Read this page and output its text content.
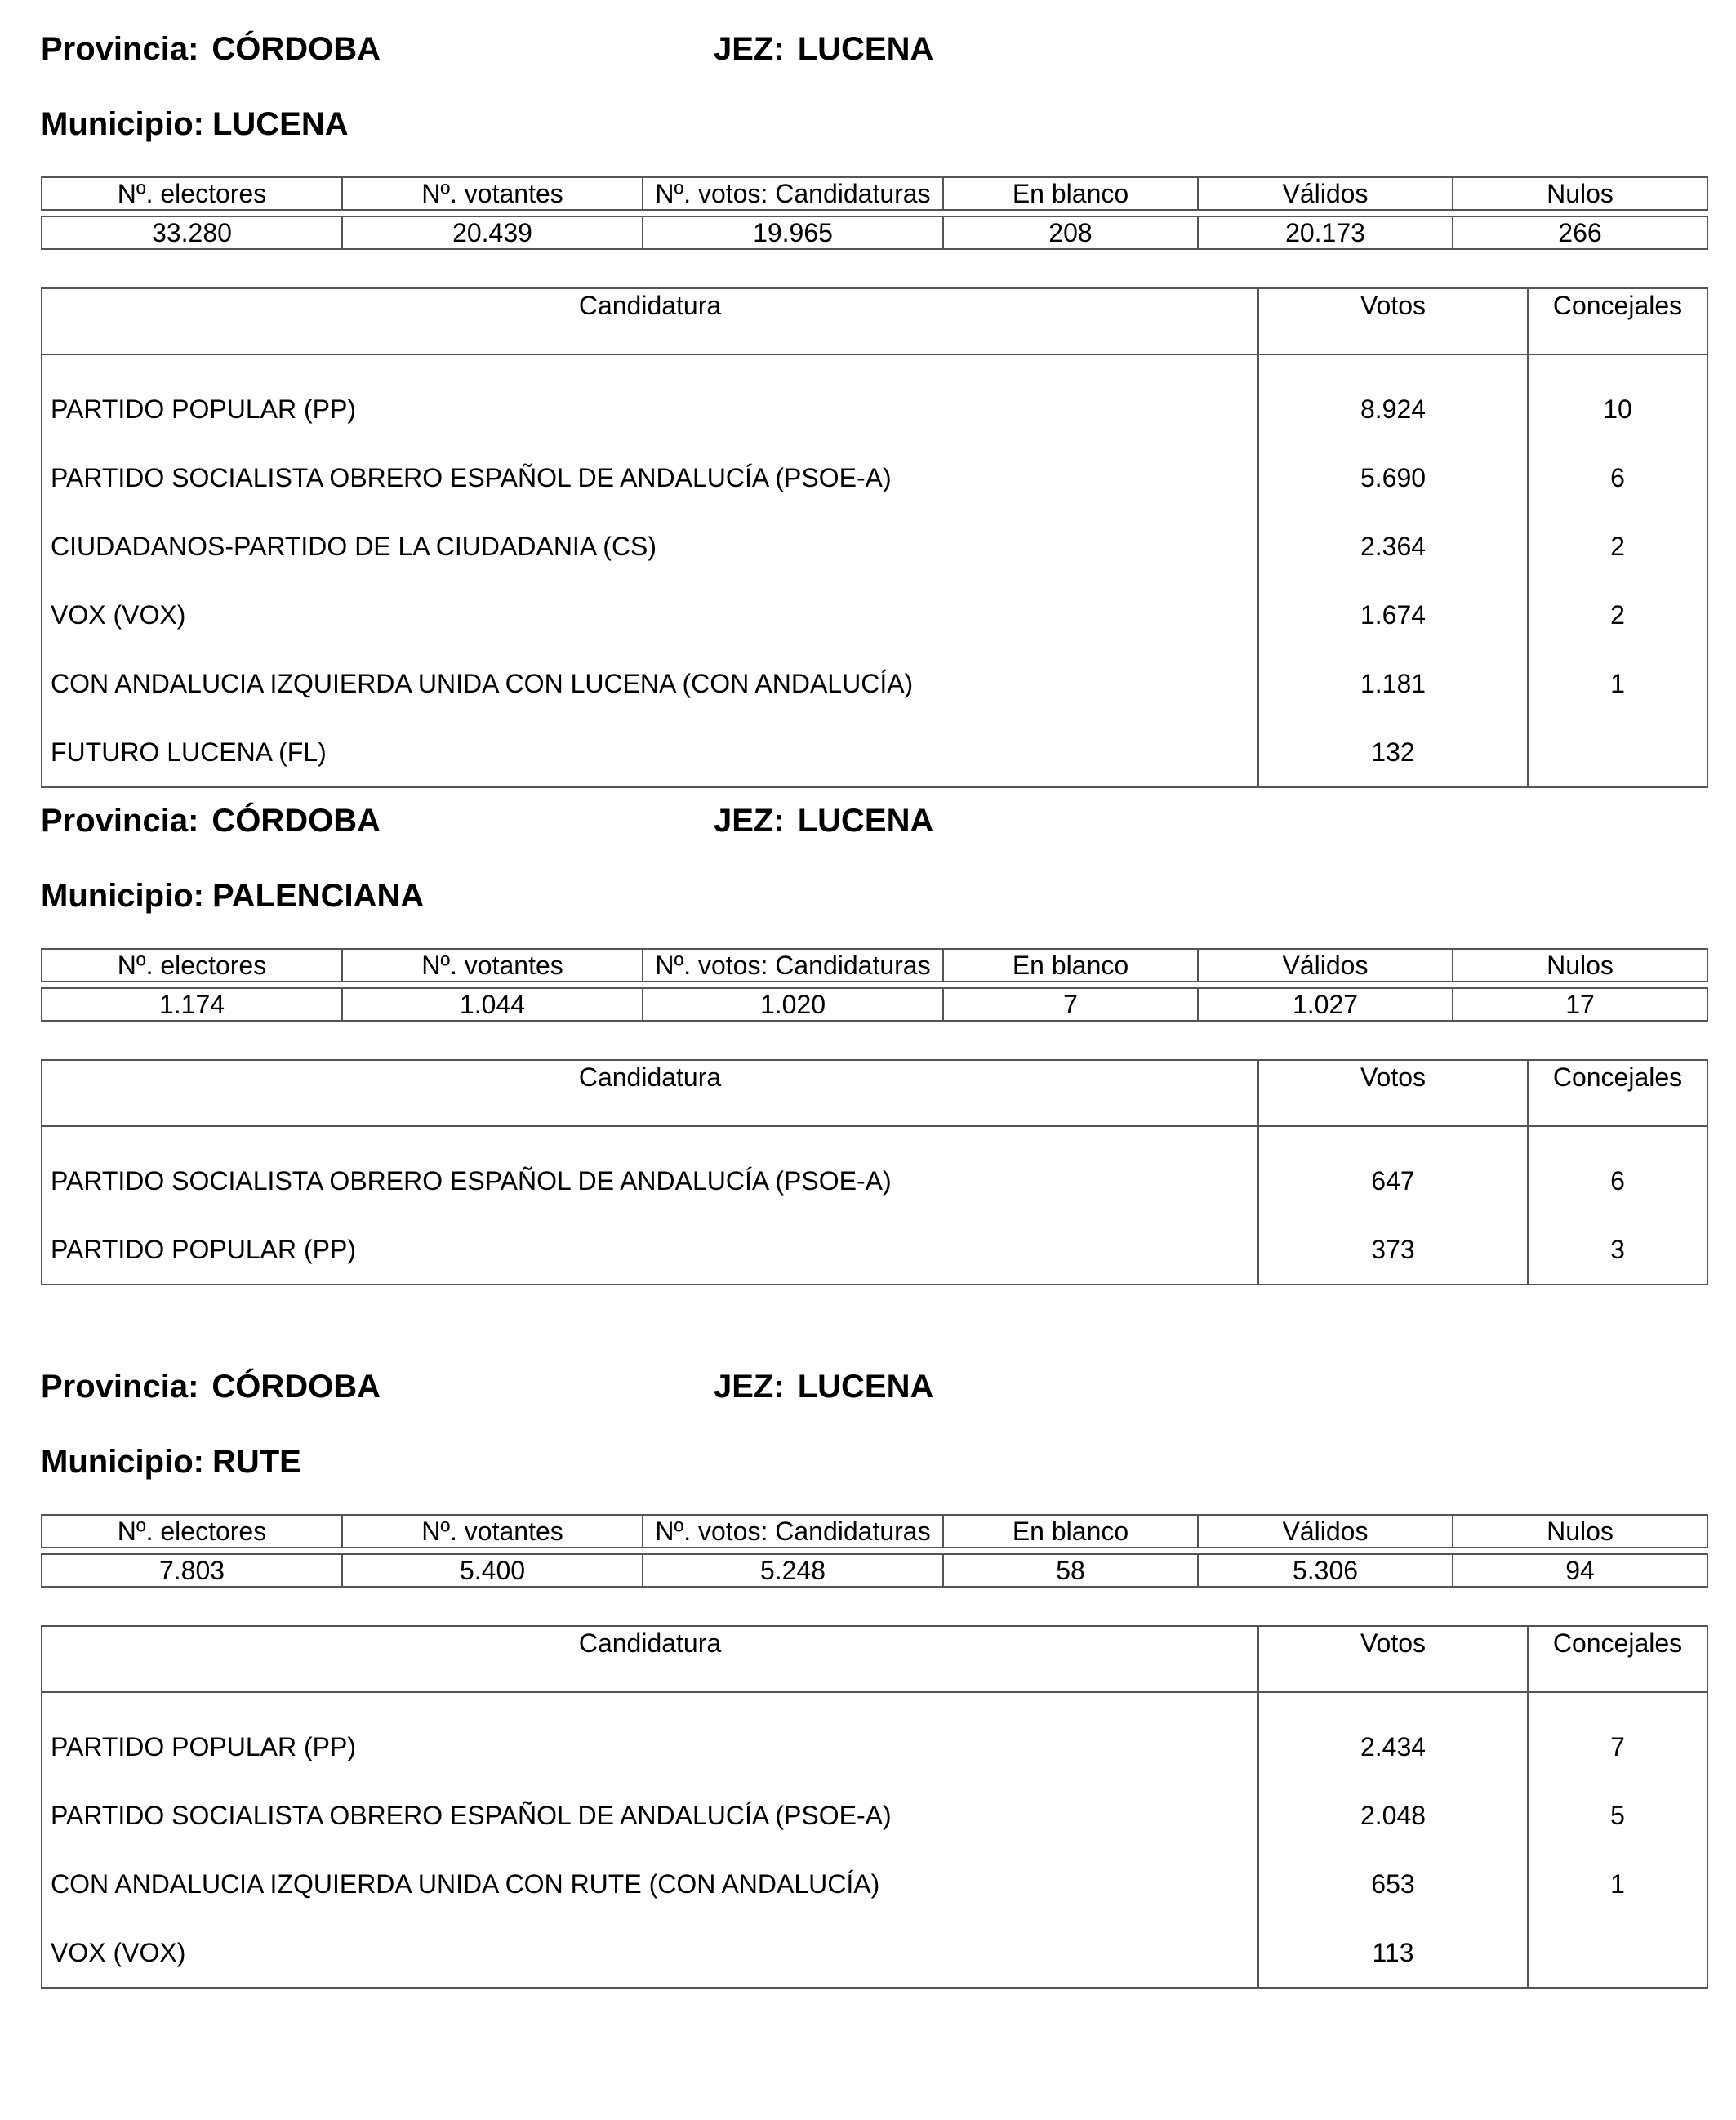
Provincia: CÓRDOBA	JEZ: LUCENA
Municipio: LUCENA
Nº. electores	Nº. votantes	Nº. votos: Candidaturas	En blanco	Válidos	Nulos

33.280	20.439	19.965	208	20.173	266
Candidatura	Votos	Concejales
PARTIDO POPULAR (PP)	8.924	10
PARTIDO SOCIALISTA OBRERO ESPAÑOL DE ANDALUCÍA (PSOE-A)	5.690	6
CIUDADANOS-PARTIDO DE LA CIUDADANIA (CS)	2.364	2
VOX (VOX)	1.674	2
CON ANDALUCIA IZQUIERDA UNIDA CON LUCENA (CON ANDALUCÍA)	1.181	1
FUTURO LUCENA (FL)	132	
Provincia: CÓRDOBA	JEZ: LUCENA
Municipio: PALENCIANA
Nº. electores	Nº. votantes	Nº. votos: Candidaturas	En blanco	Válidos	Nulos

1.174	1.044	1.020	7	1.027	17
Candidatura	Votos	Concejales
PARTIDO SOCIALISTA OBRERO ESPAÑOL DE ANDALUCÍA (PSOE-A)	647	6
PARTIDO POPULAR (PP)	373	3
Provincia: CÓRDOBA	JEZ: LUCENA
Municipio: RUTE
Nº. electores	Nº. votantes	Nº. votos: Candidaturas	En blanco	Válidos	Nulos

7.803	5.400	5.248	58	5.306	94
Candidatura	Votos	Concejales
PARTIDO POPULAR (PP)	2.434	7
PARTIDO SOCIALISTA OBRERO ESPAÑOL DE ANDALUCÍA (PSOE-A)	2.048	5
CON ANDALUCIA IZQUIERDA UNIDA CON RUTE (CON ANDALUCÍA)	653	1
VOX (VOX)	113	
